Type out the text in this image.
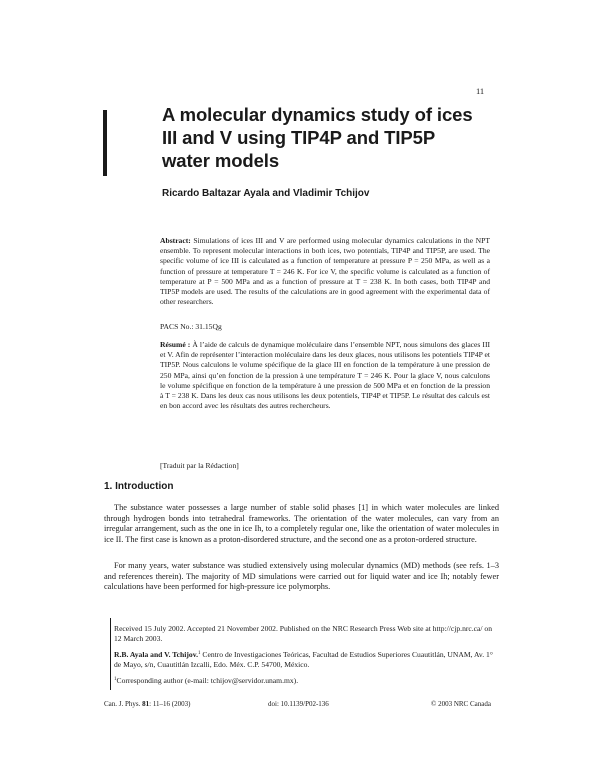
11
A molecular dynamics study of ices
III and V using TIP4P and TIP5P
water models
Ricardo Baltazar Ayala and Vladimir Tchijov
Abstract: Simulations of ices III and V are performed using molecular dynamics calculations in the NPT ensemble. To represent molecular interactions in both ices, two potentials, TIP4P and TIP5P, are used. The specific volume of ice III is calculated as a function of temperature at pressure P = 250 MPa, as well as a function of pressure at temperature T = 246 K. For ice V, the specific volume is calculated as a function of temperature at P = 500 MPa and as a function of pressure at T = 238 K. In both cases, both TIP4P and TIP5P models are used. The results of the calculations are in good agreement with the experimental data of other researchers.
PACS No.: 31.15Qg
Résumé : À l’aide de calculs de dynamique moléculaire dans l’ensemble NPT, nous simulons des glaces III et V. Afin de représenter l’interaction moléculaire dans les deux glaces, nous utilisons les potentiels TIP4P et TIP5P. Nous calculons le volume spécifique de la glace III en fonction de la température à une pression de 250 MPa, ainsi qu’en fonction de la pression à une température T = 246 K. Pour la glace V, nous calculons le volume spécifique en fonction de la température à une pression de 500 MPa et en fonction de la pression à T = 238 K. Dans les deux cas nous utilisons les deux potentiels, TIP4P et TIP5P. Le résultat des calculs est en bon accord avec les résultats des autres rechercheurs.
[Traduit par la Rédaction]
1. Introduction
The substance water possesses a large number of stable solid phases [1] in which water molecules are linked through hydrogen bonds into tetrahedral frameworks. The orientation of the water molecules, can vary from an irregular arrangement, such as the one in ice Ih, to a completely regular one, like the orientation of water molecules in ice II. The first case is known as a proton-disordered structure, and the second one as a proton-ordered structure.
For many years, water substance was studied extensively using molecular dynamics (MD) methods (see refs. 1–3 and references therein). The majority of MD simulations were carried out for liquid water and ice Ih; notably fewer calculations have been performed for high-pressure ice polymorphs.
Received 15 July 2002. Accepted 21 November 2002. Published on the NRC Research Press Web site at http://cjp.nrc.ca/ on 12 March 2003.
R.B. Ayala and V. Tchijov.$^1$ Centro de Investigaciones Teóricas, Facultad de Estudios Superiores Cuautitlán, UNAM, Av. 1° de Mayo, s/n, Cuautitlán Izcalli, Edo. Méx. C.P. 54700, México.
$^1$Corresponding author (e-mail: tchijov@servidor.unam.mx).
Can. J. Phys. 81: 11–16 (2003)	doi: 10.1139/P02-136	© 2003 NRC Canada
